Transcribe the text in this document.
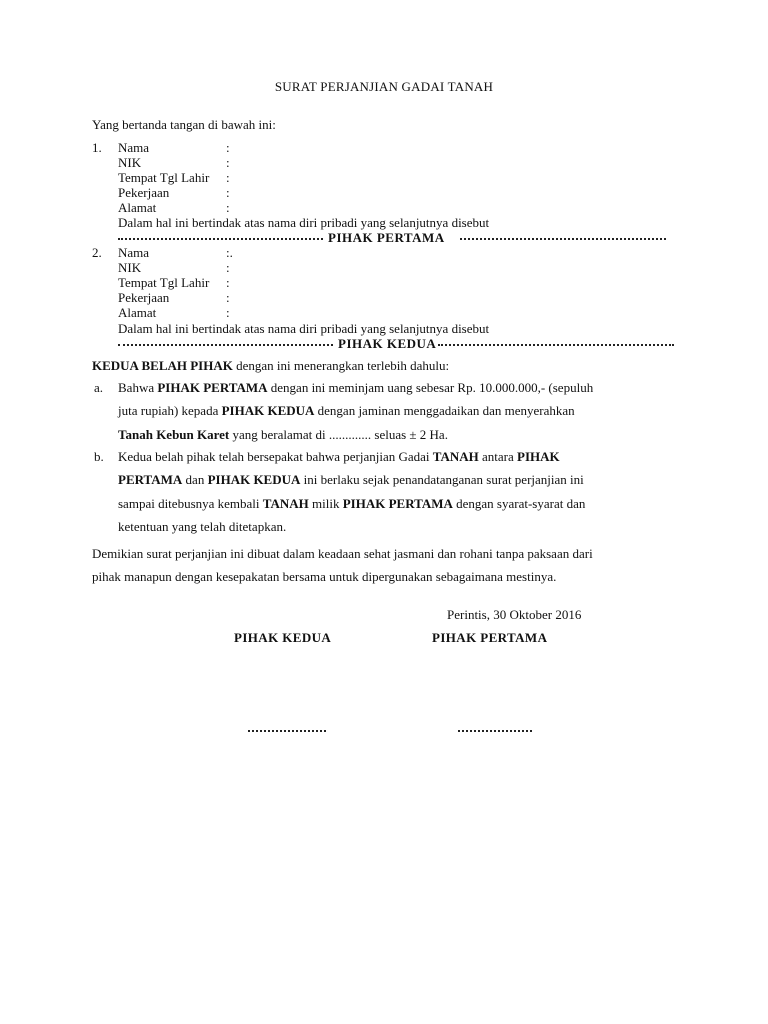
SURAT PERJANJIAN GADAI TANAH
Yang bertanda tangan di bawah ini:
1. Nama	:
NIK	:
Tempat Tgl Lahir :
Pekerjaan	:
Alamat	:
Dalam hal ini bertindak atas nama diri pribadi yang selanjutnya disebut
PIHAK PERTAMA
2. Nama	:.
NIK	:
Tempat Tgl Lahir :
Pekerjaan	:
Alamat	:
Dalam hal ini bertindak atas nama diri pribadi yang selanjutnya disebut
PIHAK KEDUA
KEDUA BELAH PIHAK dengan ini menerangkan terlebih dahulu:
a. Bahwa PIHAK PERTAMA dengan ini meminjam uang sebesar Rp. 10.000.000,- (sepuluh
juta rupiah) kepada PIHAK KEDUA dengan jaminan menggadaikan dan menyerahkan
Tanah Kebun Karet yang beralamat di ............. seluas ± 2 Ha.
b. Kedua belah pihak telah bersepakat bahwa perjanjian Gadai TANAH antara PIHAK
PERTAMA dan PIHAK KEDUA ini berlaku sejak penandatanganan surat perjanjian ini
sampai ditebusnya kembali TANAH milik PIHAK PERTAMA dengan syarat-syarat dan
ketentuan yang telah ditetapkan.
Demikian surat perjanjian ini dibuat dalam keadaan sehat jasmani dan rohani tanpa paksaan dari
pihak manapun dengan kesepakatan bersama untuk dipergunakan sebagaimana mestinya.
Perintis, 30 Oktober 2016
PIHAK KEDUA	PIHAK PERTAMA
